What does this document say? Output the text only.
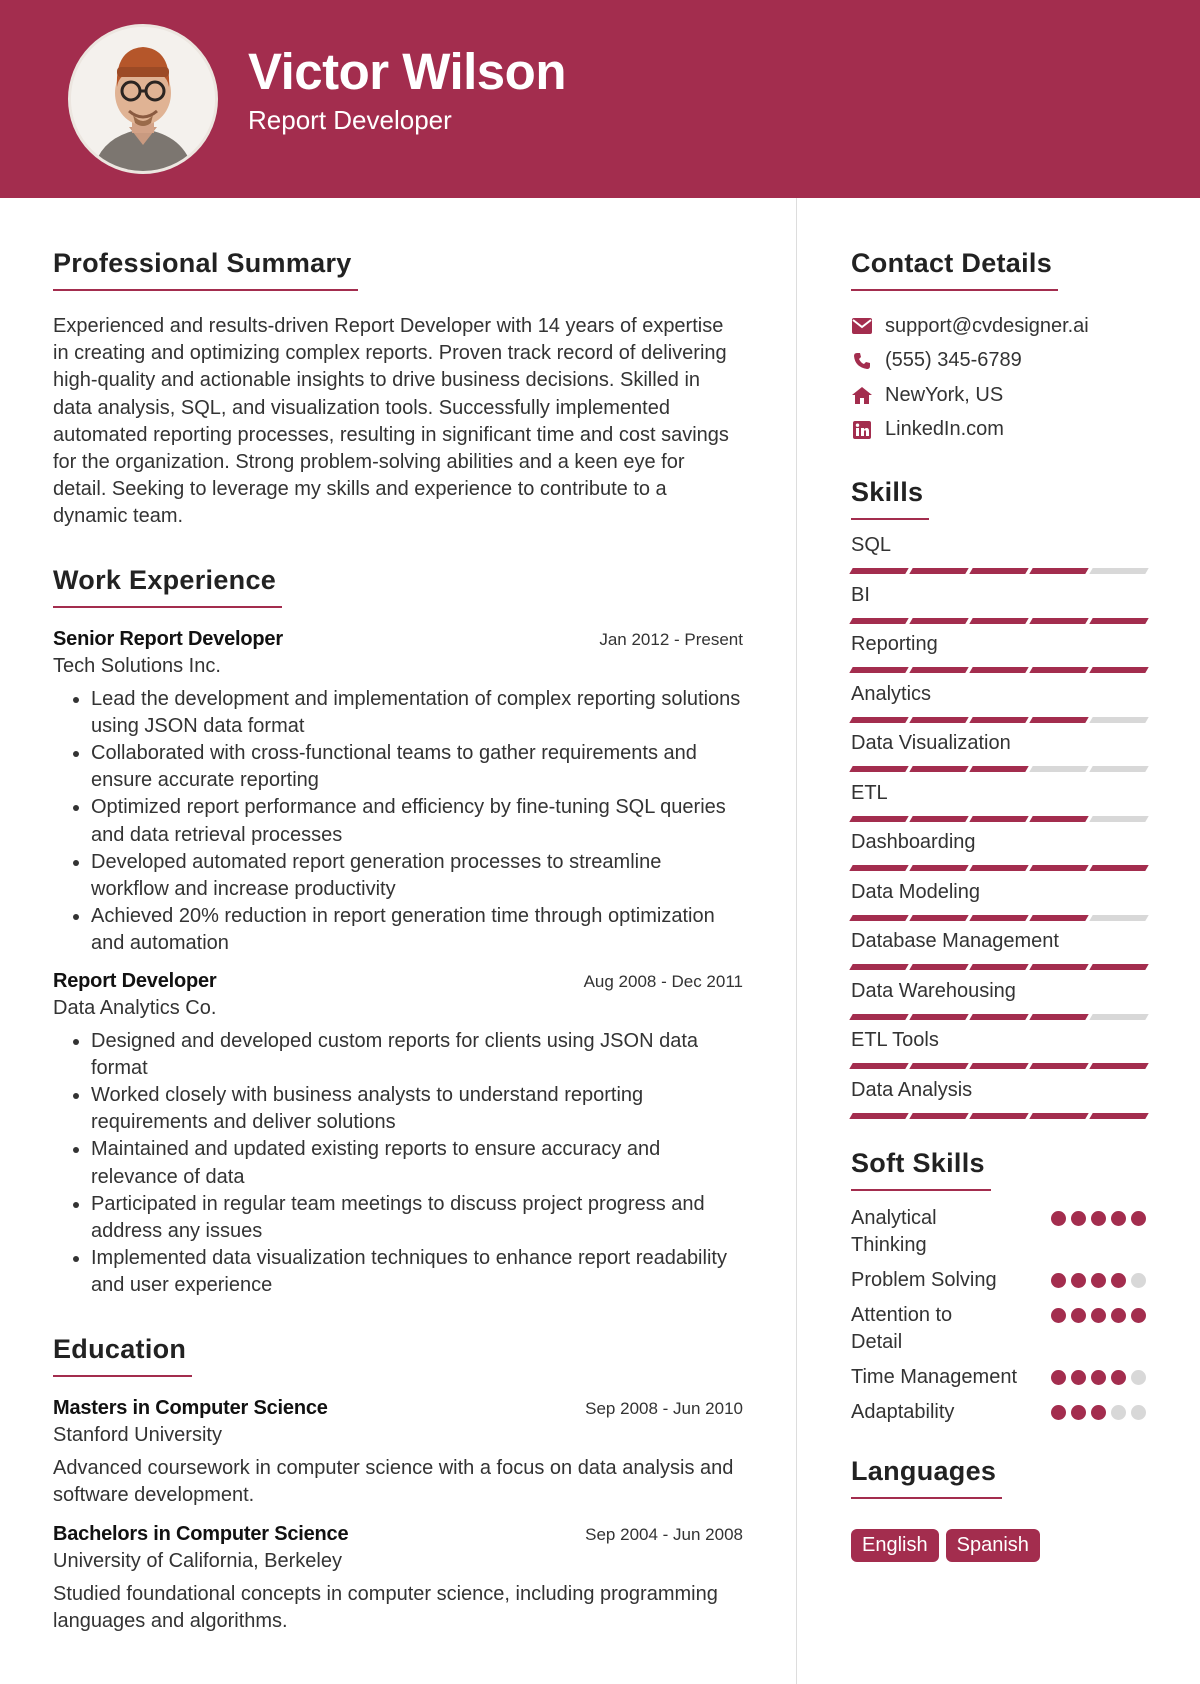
Victor Wilson
Report Developer
Professional Summary

Experienced and results-driven Report Developer with 14 years of expertise in creating and optimizing complex reports. Proven track record of delivering high-quality and actionable insights to drive business decisions. Skilled in data analysis, SQL, and visualization tools. Successfully implemented automated reporting processes, resulting in significant time and cost savings for the organization. Strong problem-solving abilities and a keen eye for detail. Seeking to leverage my skills and experience to contribute to a dynamic team.

Work Experience
Senior Report Developer	Jan 2012 - Present
Tech Solutions Inc.
• Lead the development and implementation of complex reporting solutions using JSON data format
• Collaborated with cross-functional teams to gather requirements and ensure accurate reporting
• Optimized report performance and efficiency by fine-tuning SQL queries and data retrieval processes
• Developed automated report generation processes to streamline workflow and increase productivity
• Achieved 20% reduction in report generation time through optimization and automation
Report Developer	Aug 2008 - Dec 2011
Data Analytics Co.
• Designed and developed custom reports for clients using JSON data format
• Worked closely with business analysts to understand reporting requirements and deliver solutions
• Maintained and updated existing reports to ensure accuracy and relevance of data
• Participated in regular team meetings to discuss project progress and address any issues
• Implemented data visualization techniques to enhance report readability and user experience
Education
Masters in Computer Science	Sep 2008 - Jun 2010
Stanford University
Advanced coursework in computer science with a focus on data analysis and software development.
Bachelors in Computer Science	Sep 2004 - Jun 2008
University of California, Berkeley
Studied foundational concepts in computer science, including programming languages and algorithms.
Contact Details
support@cvdesigner.ai
(555) 345-6789
NewYork, US
LinkedIn.com
Skills
SQL
BI
Reporting
Analytics
Data Visualization
ETL
Dashboarding
Data Modeling
Database Management
Data Warehousing
ETL Tools
Data Analysis
Soft Skills
Analytical Thinking
Problem Solving
Attention to Detail
Time Management
Adaptability
Languages
English	Spanish
